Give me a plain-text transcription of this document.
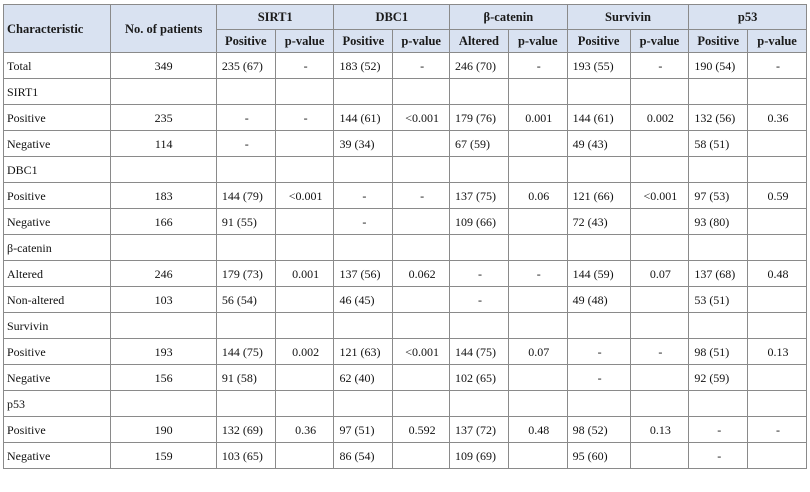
Characteristic	No. of patients	SIRT1		DBC1		β-catenin		Survivin		p53	
		Positive	p-value	Positive	p-value	Altered	p-value	Positive	p-value	Positive	p-value
Total	349	235 (67)	-	183 (52)	-	246 (70)	-	193 (55)	-	190 (54)	-
SIRT1											
Positive	235	-	-	144 (61)	<0.001	179 (76)	0.001	144 (61)	0.002	132 (56)	0.36
Negative	114	-		39 (34)		67 (59)		49 (43)		58 (51)	
DBC1											
Positive	183	144 (79)	<0.001	-	-	137 (75)	0.06	121 (66)	<0.001	97 (53)	0.59
Negative	166	91 (55)		-		109 (66)		72 (43)		93 (80)	
β-catenin											
Altered	246	179 (73)	0.001	137 (56)	0.062	-	-	144 (59)	0.07	137 (68)	0.48
Non-altered	103	56 (54)		46 (45)		-		49 (48)		53 (51)	
Survivin											
Positive	193	144 (75)	0.002	121 (63)	<0.001	144 (75)	0.07	-	-	98 (51)	0.13
Negative	156	91 (58)		62 (40)		102 (65)		-		92 (59)	
p53											
Positive	190	132 (69)	0.36	97 (51)	0.592	137 (72)	0.48	98 (52)	0.13	-	-
Negative	159	103 (65)		86 (54)		109 (69)		95 (60)		-	
